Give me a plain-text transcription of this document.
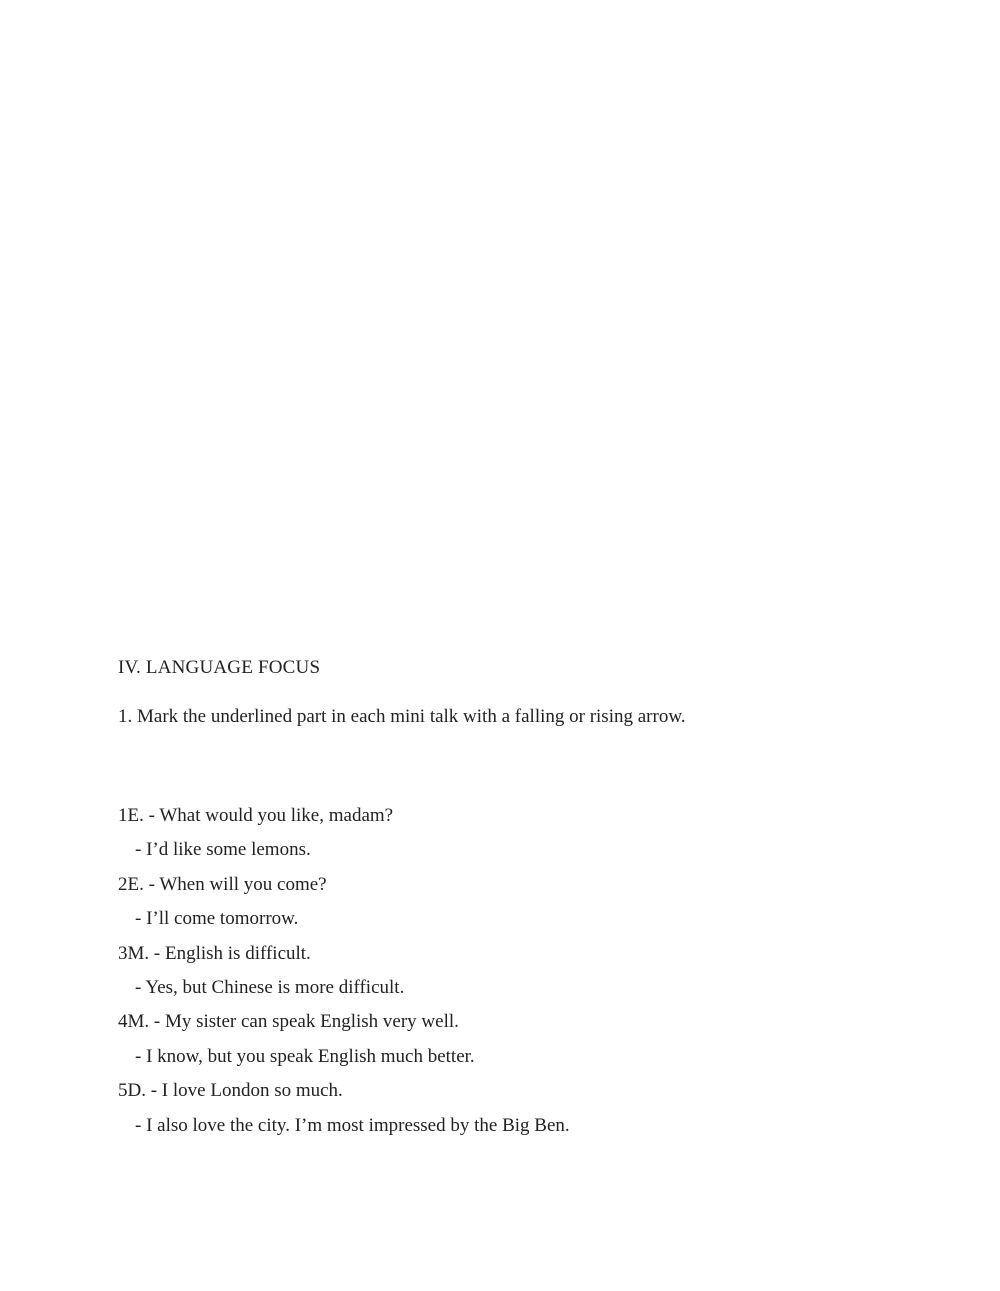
IV. LANGUAGE FOCUS
1. Mark the underlined part in each mini talk with a falling or rising arrow.
1E. - What would you like, madam?
- I’d like some lemons.
2E. - When will you come?
- I’ll come tomorrow.
3M. - English is difficult.
- Yes, but Chinese is more difficult.
4M. - My sister can speak English very well.
- I know, but you speak English much better.
5D. - I love London so much.
- I also love the city. I’m most impressed by the Big Ben.
